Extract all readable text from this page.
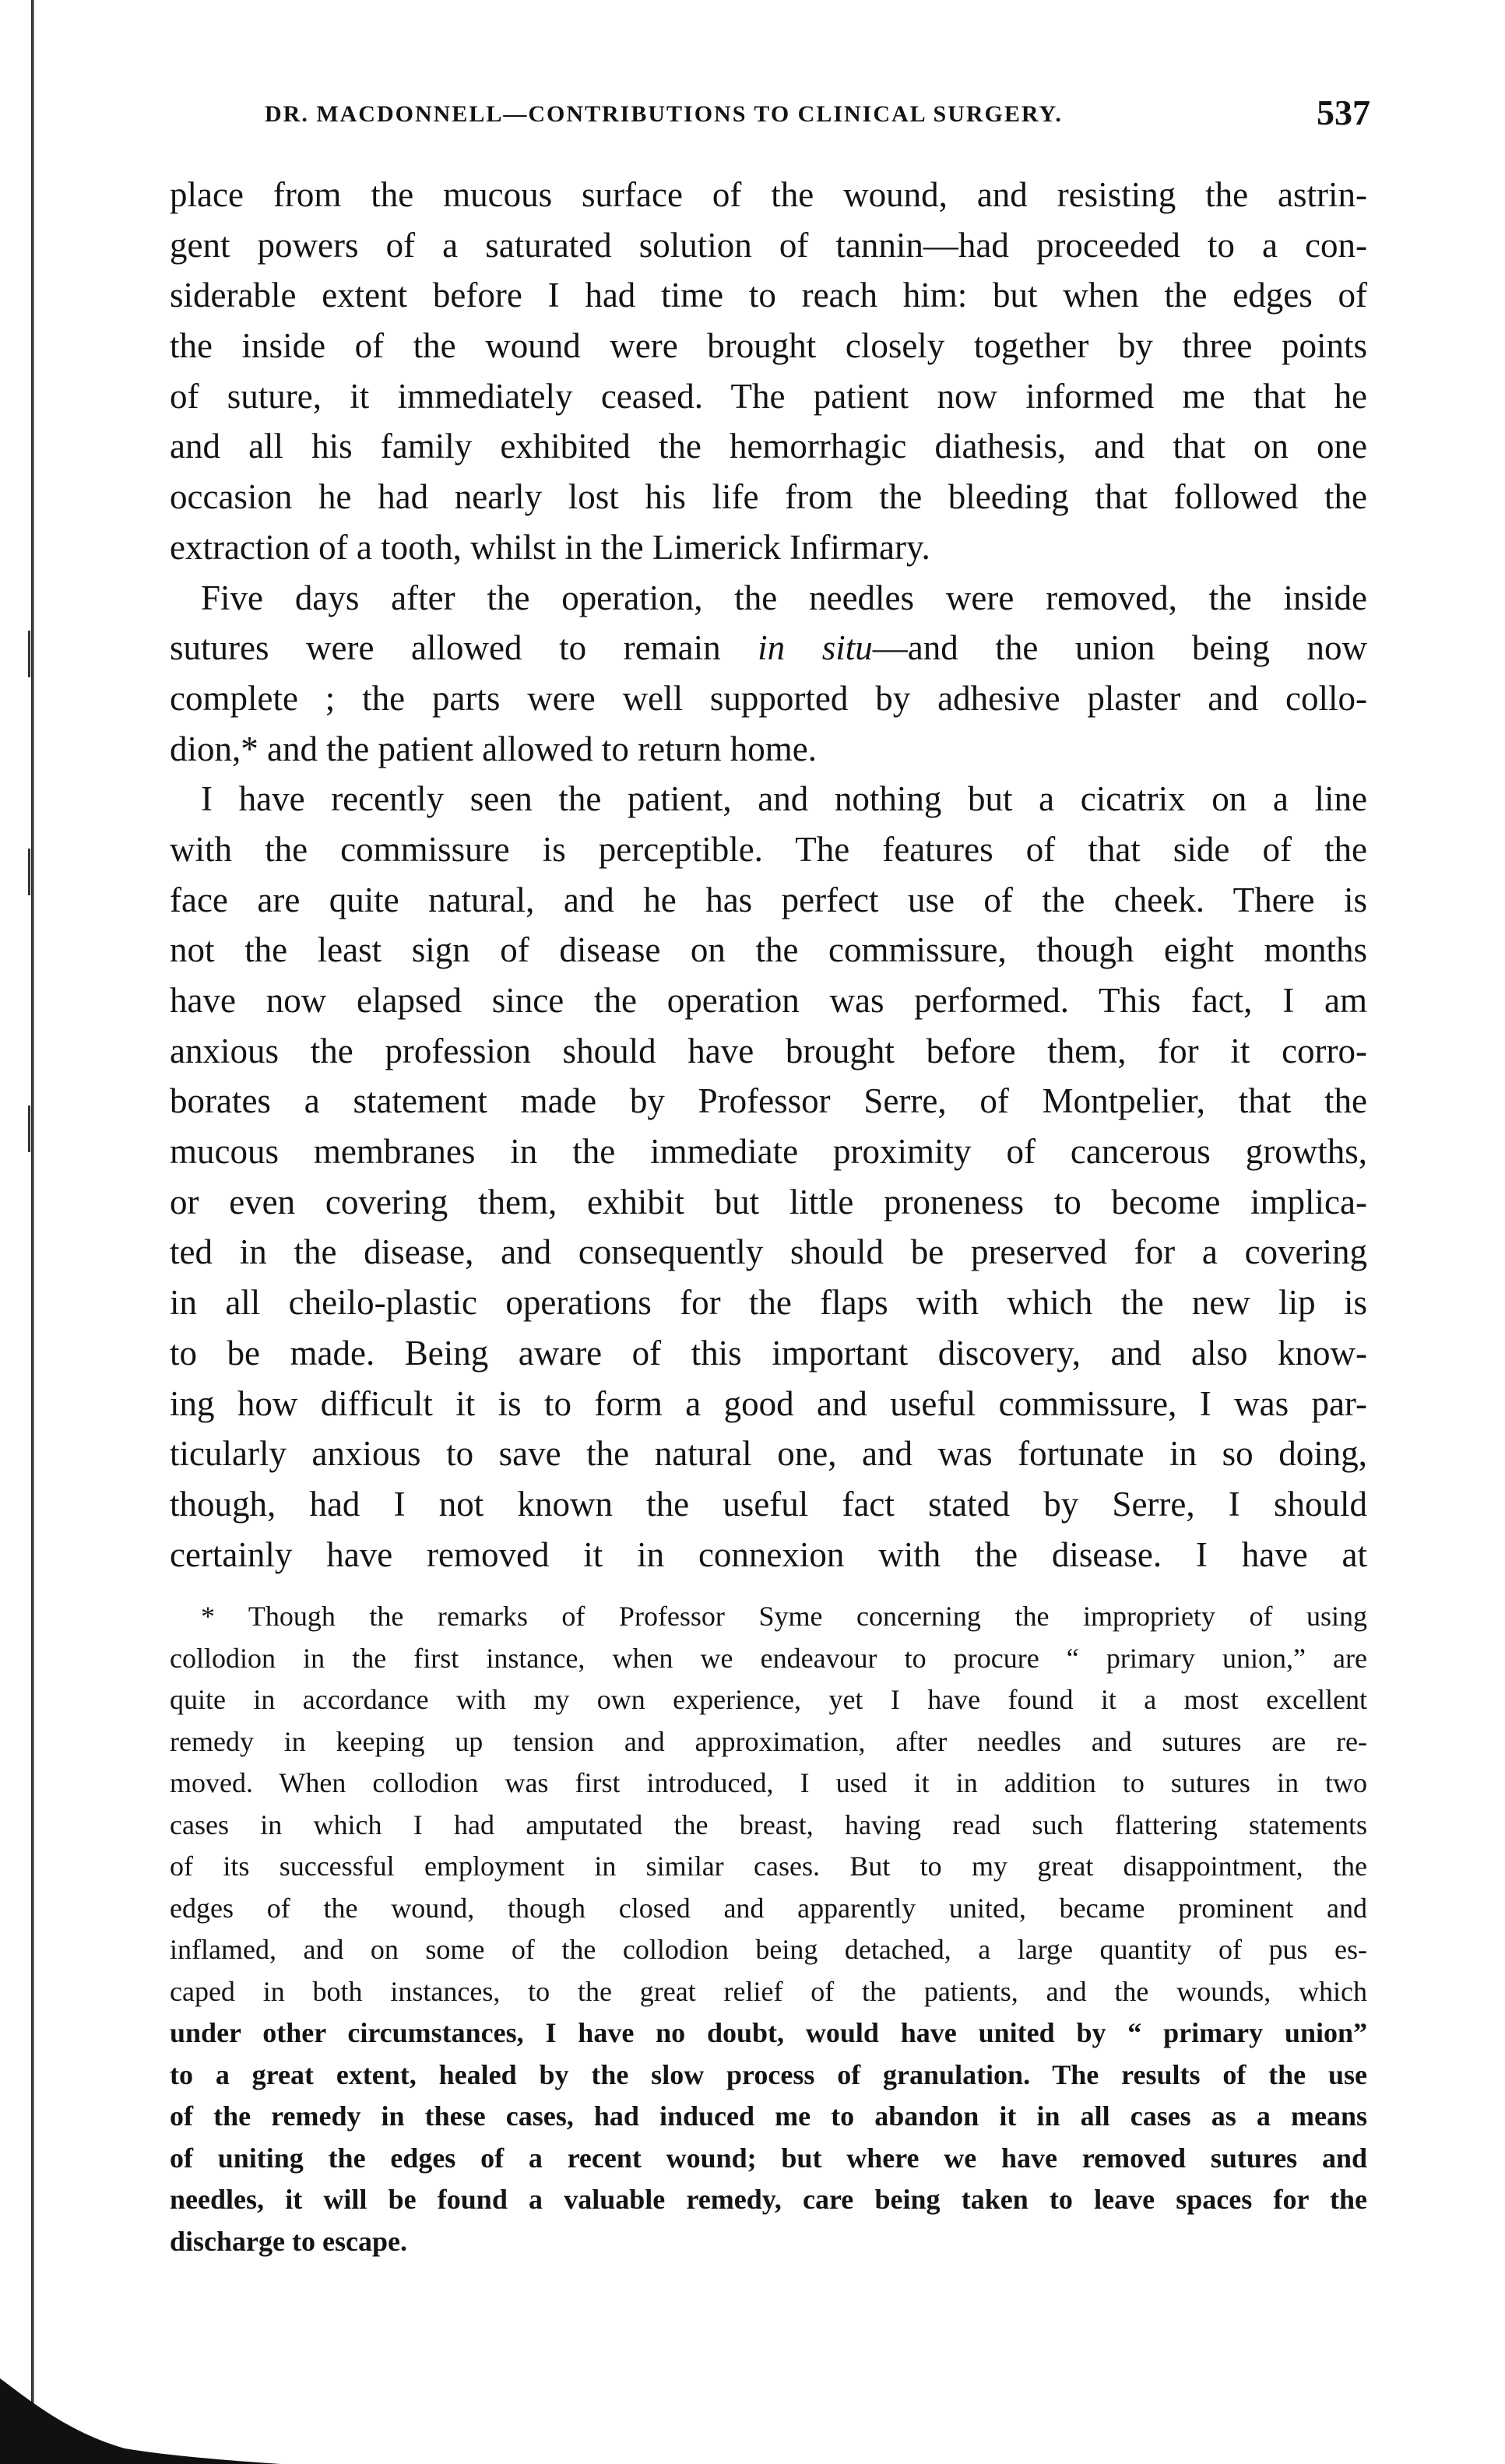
DR. MACDONNELL—CONTRIBUTIONS TO CLINICAL SURGERY.	537
place from the mucous surface of the wound, and resisting the astrin-
gent powers of a saturated solution of tannin—had proceeded to a con-
siderable extent before I had time to reach him: but when the edges of
the inside of the wound were brought closely together by three points
of suture, it immediately ceased. The patient now informed me that he
and all his family exhibited the hemorrhagic diathesis, and that on one
occasion he had nearly lost his life from the bleeding that followed the
extraction of a tooth, whilst in the Limerick Infirmary.
Five days after the operation, the needles were removed, the inside
sutures were allowed to remain in situ—and the union being now
complete ; the parts were well supported by adhesive plaster and collo-
dion,* and the patient allowed to return home.
I have recently seen the patient, and nothing but a cicatrix on a line
with the commissure is perceptible. The features of that side of the
face are quite natural, and he has perfect use of the cheek. There is
not the least sign of disease on the commissure, though eight months
have now elapsed since the operation was performed. This fact, I am
anxious the profession should have brought before them, for it corro-
borates a statement made by Professor Serre, of Montpelier, that the
mucous membranes in the immediate proximity of cancerous growths,
or even covering them, exhibit but little proneness to become implica-
ted in the disease, and consequently should be preserved for a covering
in all cheilo-plastic operations for the flaps with which the new lip is
to be made. Being aware of this important discovery, and also know-
ing how difficult it is to form a good and useful commissure, I was par-
ticularly anxious to save the natural one, and was fortunate in so doing,
though, had I not known the useful fact stated by Serre, I should
certainly have removed it in connexion with the disease. I have at
* Though the remarks of Professor Syme concerning the impropriety of using
collodion in the first instance, when we endeavour to procure “ primary union,” are
quite in accordance with my own experience, yet I have found it a most excellent
remedy in keeping up tension and approximation, after needles and sutures are re-
moved. When collodion was first introduced, I used it in addition to sutures in two
cases in which I had amputated the breast, having read such flattering statements
of its successful employment in similar cases. But to my great disappointment, the
edges of the wound, though closed and apparently united, became prominent and
inflamed, and on some of the collodion being detached, a large quantity of pus es-
caped in both instances, to the great relief of the patients, and the wounds, which
under other circumstances, I have no doubt, would have united by “ primary union”
to a great extent, healed by the slow process of granulation. The results of the use
of the remedy in these cases, had induced me to abandon it in all cases as a means
of uniting the edges of a recent wound; but where we have removed sutures and
needles, it will be found a valuable remedy, care being taken to leave spaces for the
discharge to escape.
